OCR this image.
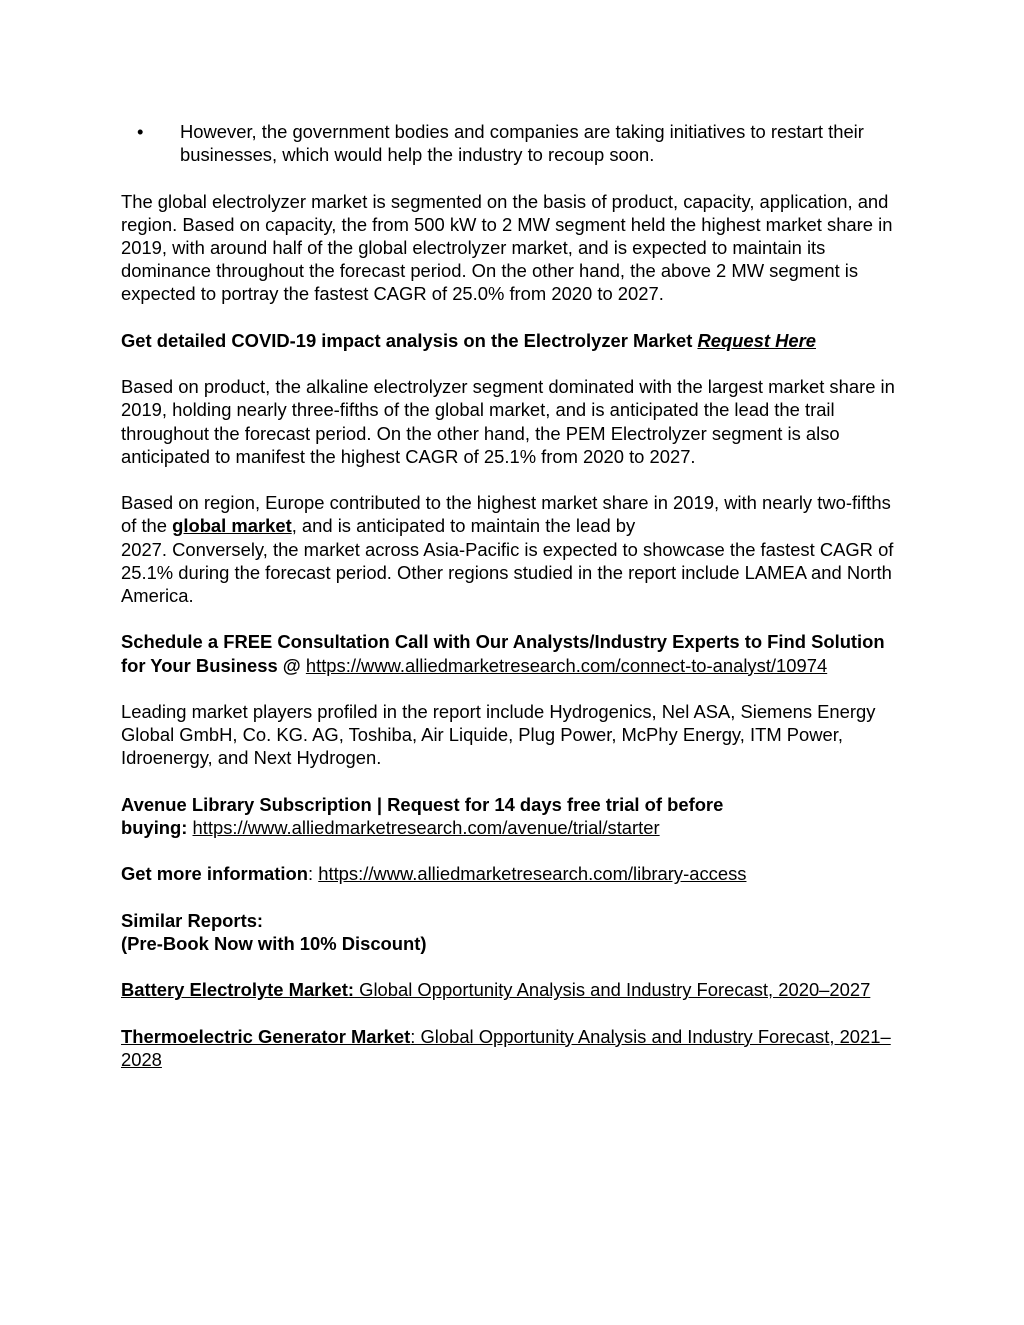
•	However, the government bodies and companies are taking initiatives to restart their businesses, which would help the industry to recoup soon.

The global electrolyzer market is segmented on the basis of product, capacity, application, and region. Based on capacity, the from 500 kW to 2 MW segment held the highest market share in 2019, with around half of the global electrolyzer market, and is expected to maintain its dominance throughout the forecast period. On the other hand, the above 2 MW segment is expected to portray the fastest CAGR of 25.0% from 2020 to 2027.

Get detailed COVID-19 impact analysis on the Electrolyzer Market Request Here

Based on product, the alkaline electrolyzer segment dominated with the largest market share in 2019, holding nearly three-fifths of the global market, and is anticipated the lead the trail throughout the forecast period. On the other hand, the PEM Electrolyzer segment is also anticipated to manifest the highest CAGR of 25.1% from 2020 to 2027.

Based on region, Europe contributed to the highest market share in 2019, with nearly two-fifths of the global market, and is anticipated to maintain the lead by
2027. Conversely, the market across Asia-Pacific is expected to showcase the fastest CAGR of 25.1% during the forecast period. Other regions studied in the report include LAMEA and North America.

Schedule a FREE Consultation Call with Our Analysts/Industry Experts to Find Solution for Your Business @ https://www.alliedmarketresearch.com/connect-to-analyst/10974

Leading market players profiled in the report include Hydrogenics, Nel ASA, Siemens Energy Global GmbH, Co. KG. AG, Toshiba, Air Liquide, Plug Power, McPhy Energy, ITM Power, Idroenergy, and Next Hydrogen.

Avenue Library Subscription | Request for 14 days free trial of before
buying: https://www.alliedmarketresearch.com/avenue/trial/starter

Get more information: https://www.alliedmarketresearch.com/library-access

Similar Reports:
(Pre-Book Now with 10% Discount)

Battery Electrolyte Market: Global Opportunity Analysis and Industry Forecast, 2020–2027

Thermoelectric Generator Market: Global Opportunity Analysis and Industry Forecast, 2021–2028
